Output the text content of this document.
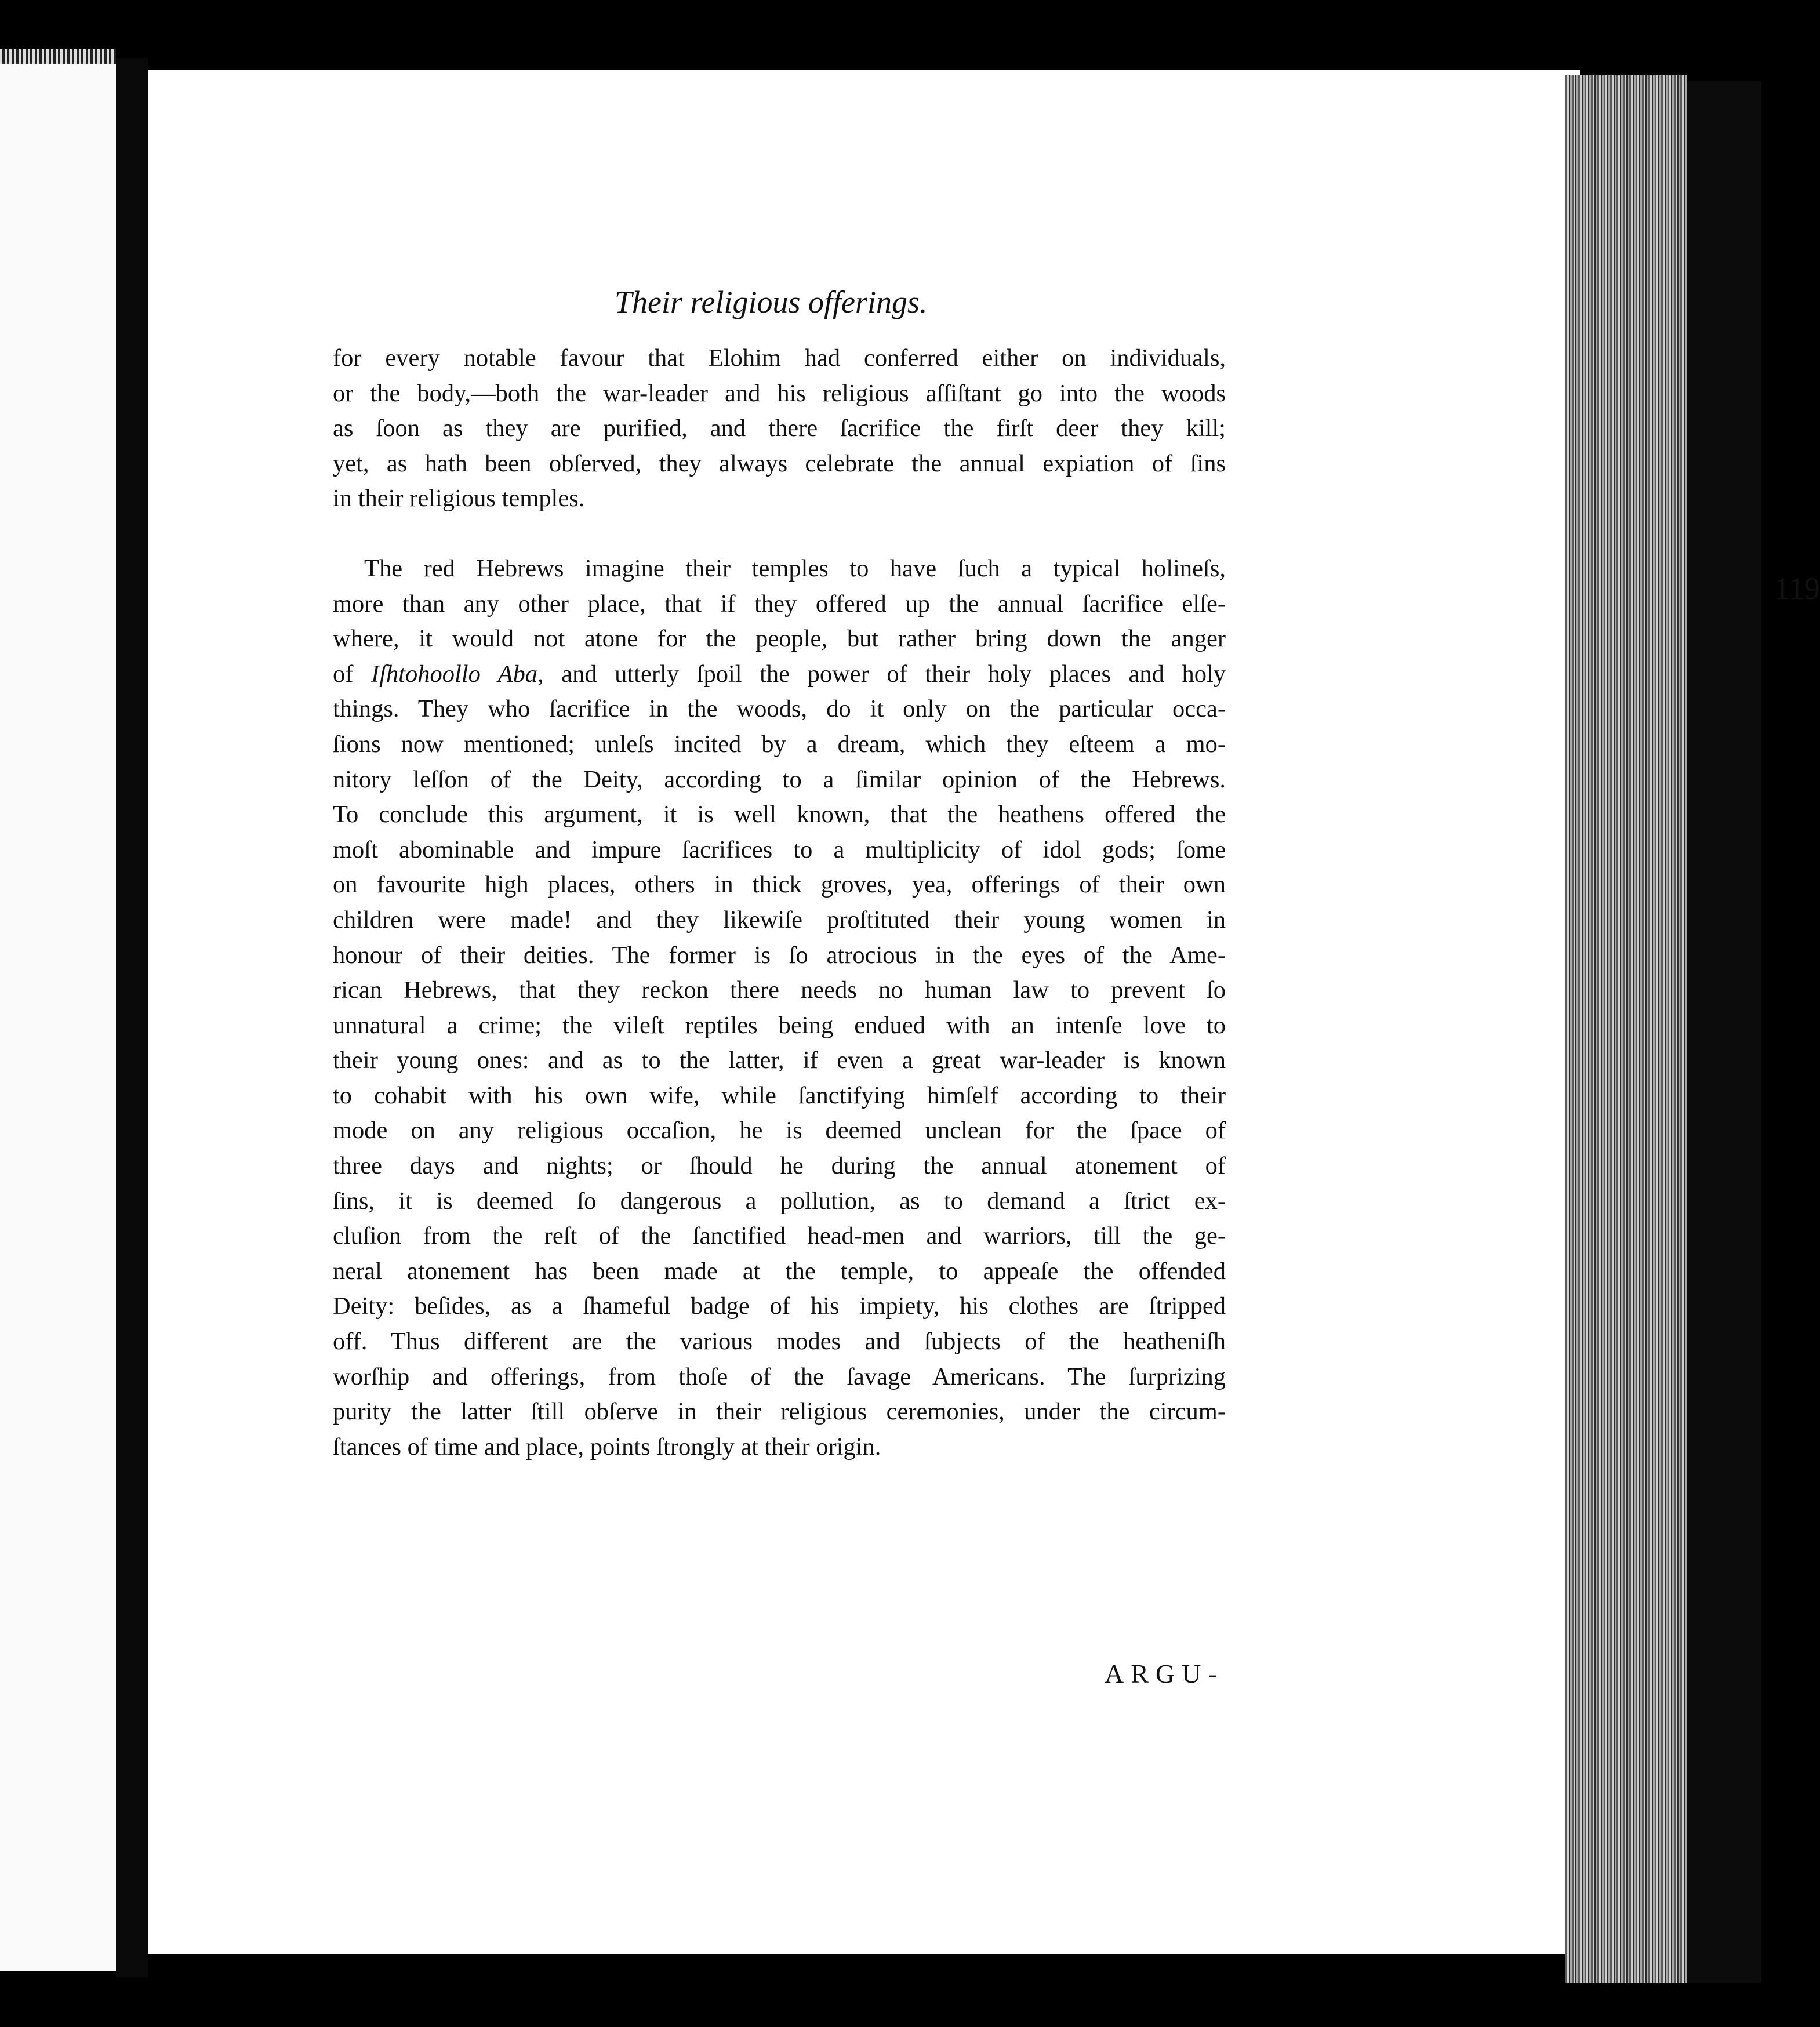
Their religious offerings.
119
for every notable favour that Elohim had conferred either on individuals,
or the body,—both the war-leader and his religious aſſiſtant go into the woods
as ſoon as they are purified, and there ſacrifice the firſt deer they kill;
yet, as hath been obſerved, they always celebrate the annual expiation of ſins
in their religious temples.
The red Hebrews imagine their temples to have ſuch a typical holineſs,
more than any other place, that if they offered up the annual ſacrifice elſe-
where, it would not atone for the people, but rather bring down the anger
of Iſhtohoollo Aba, and utterly ſpoil the power of their holy places and holy
things. They who ſacrifice in the woods, do it only on the particular occa-
ſions now mentioned; unleſs incited by a dream, which they eſteem a mo-
nitory leſſon of the Deity, according to a ſimilar opinion of the Hebrews.
To conclude this argument, it is well known, that the heathens offered the
moſt abominable and impure ſacrifices to a multiplicity of idol gods; ſome
on favourite high places, others in thick groves, yea, offerings of their own
children were made! and they likewiſe proſtituted their young women in
honour of their deities. The former is ſo atrocious in the eyes of the Ame-
rican Hebrews, that they reckon there needs no human law to prevent ſo
unnatural a crime; the vileſt reptiles being endued with an intenſe love to
their young ones: and as to the latter, if even a great war-leader is known
to cohabit with his own wife, while ſanctifying himſelf according to their
mode on any religious occaſion, he is deemed unclean for the ſpace of
three days and nights; or ſhould he during the annual atonement of
ſins, it is deemed ſo dangerous a pollution, as to demand a ſtrict ex-
cluſion from the reſt of the ſanctified head-men and warriors, till the ge-
neral atonement has been made at the temple, to appeaſe the offended
Deity: beſides, as a ſhameful badge of his impiety, his clothes are ſtripped
off. Thus different are the various modes and ſubjects of the heatheniſh
worſhip and offerings, from thoſe of the ſavage Americans. The ſurprizing
purity the latter ſtill obſerve in their religious ceremonies, under the circum-
ſtances of time and place, points ſtrongly at their origin.
ARGU-
